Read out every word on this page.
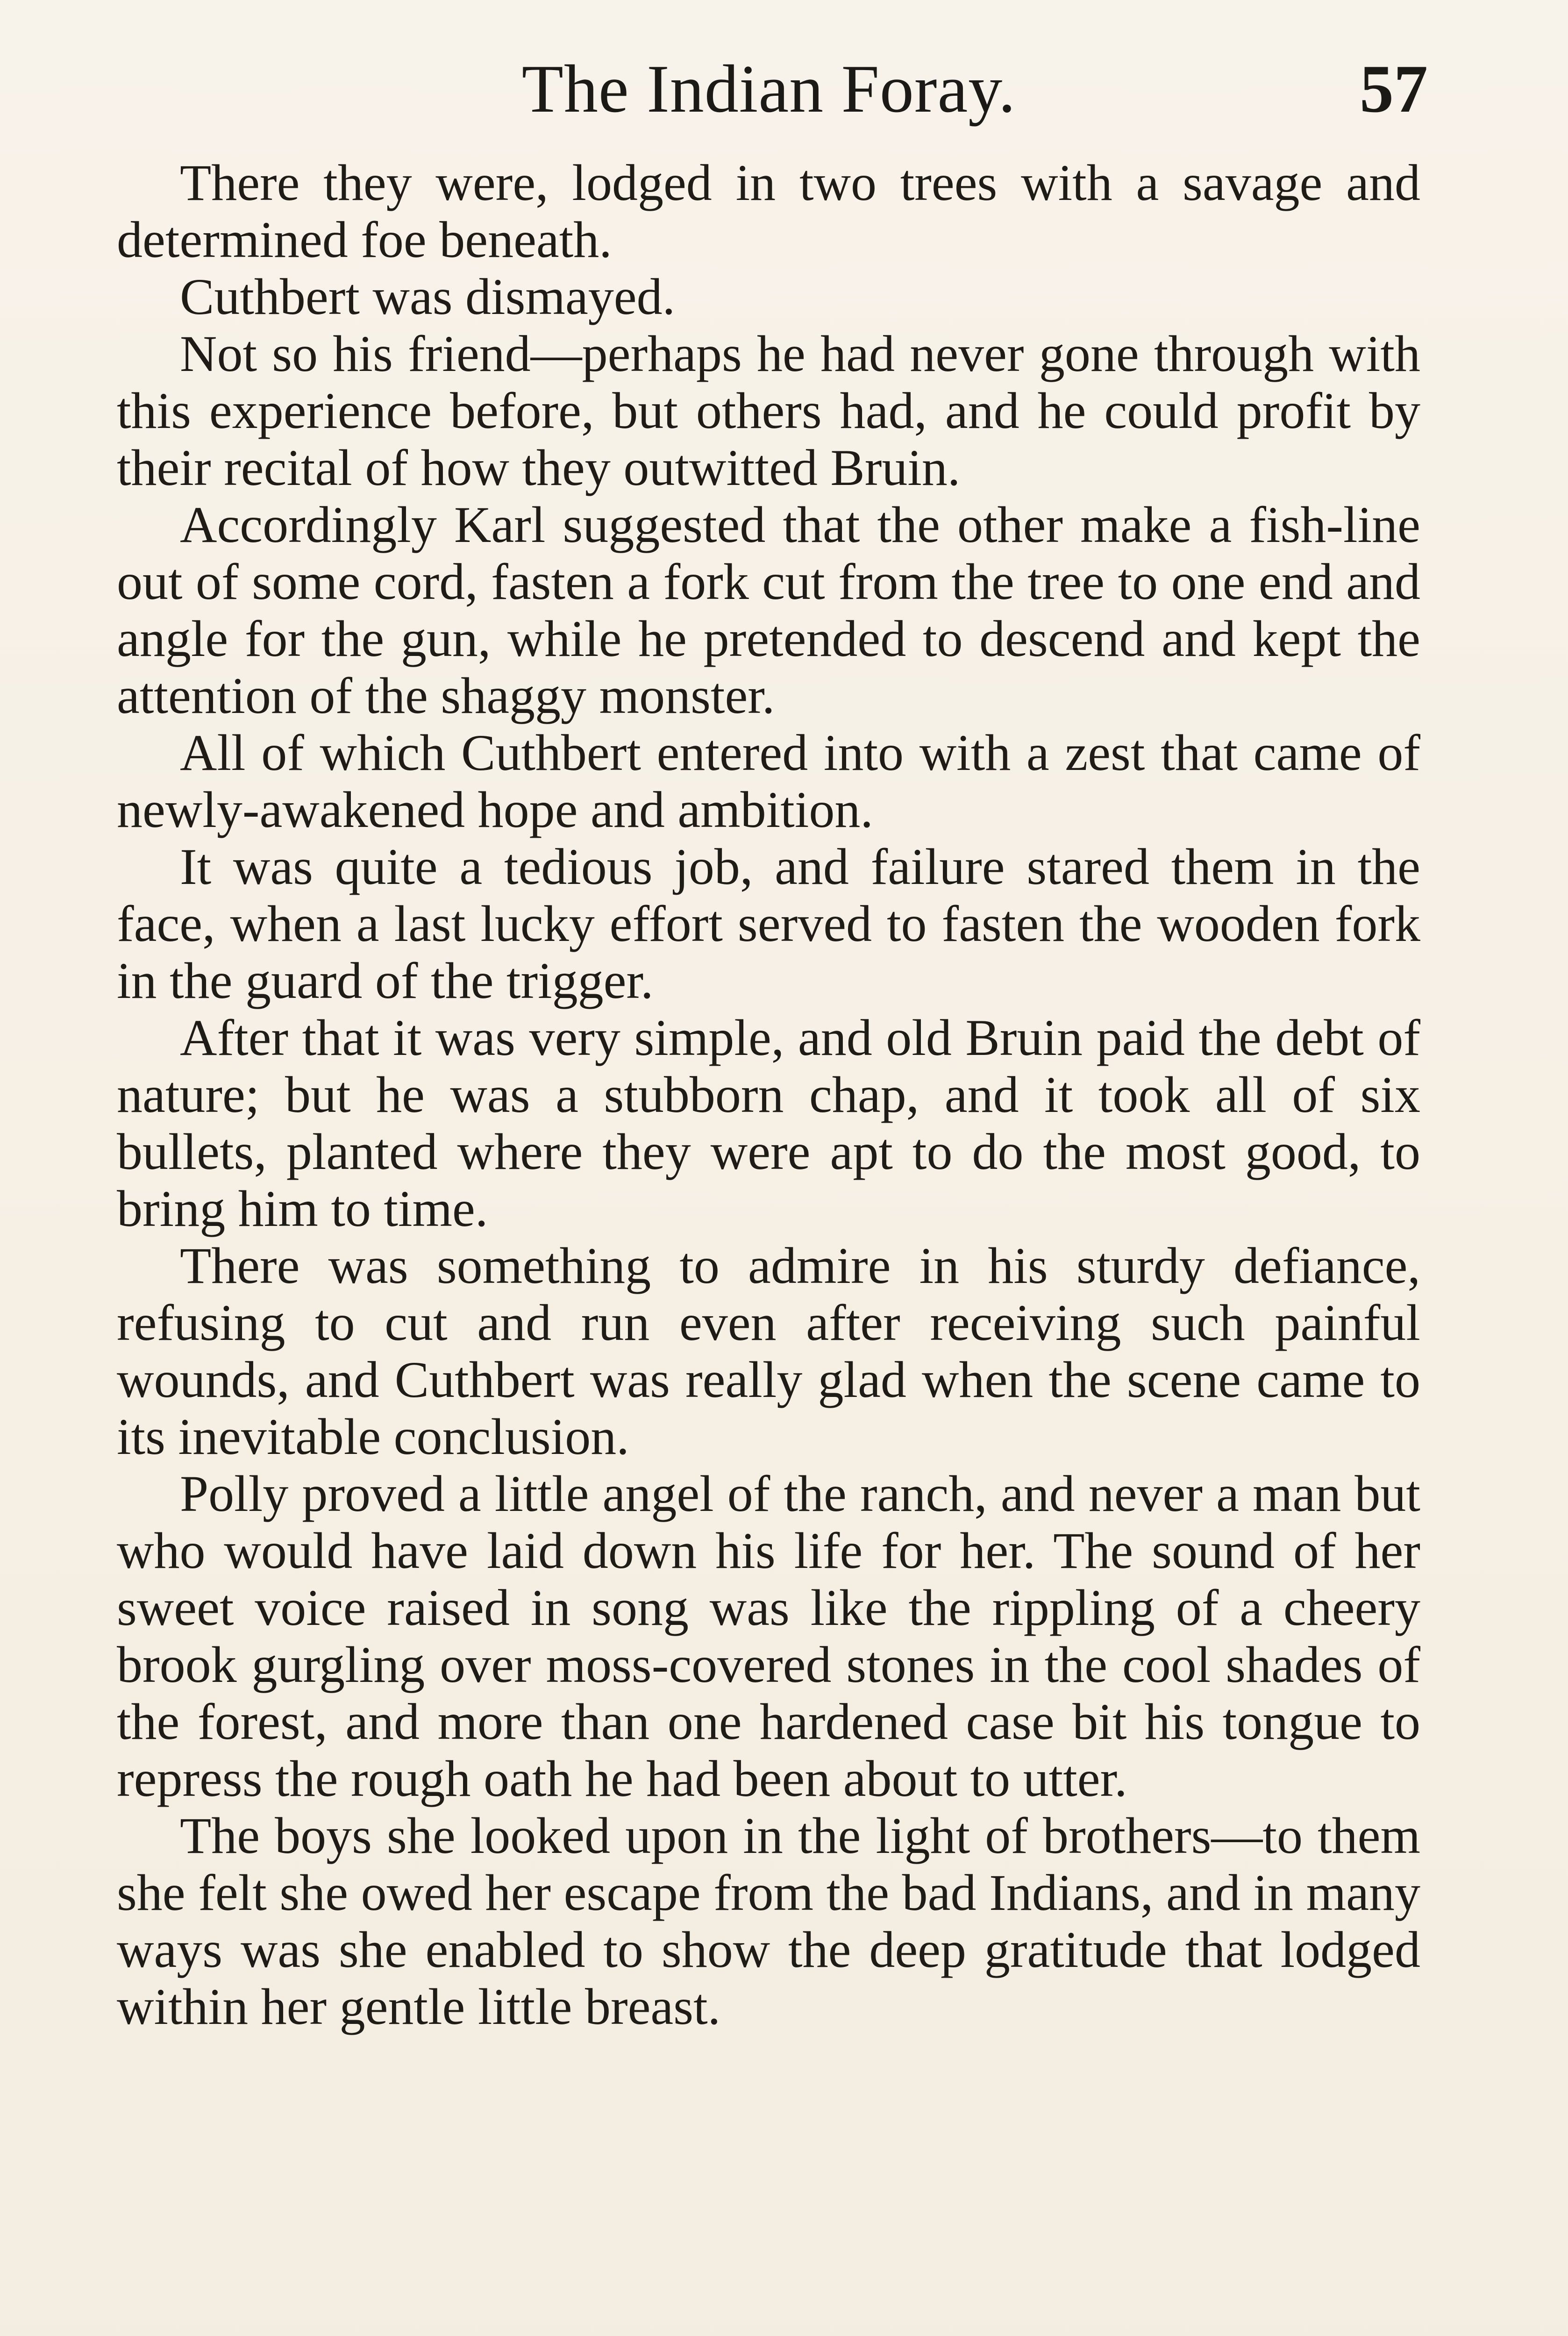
The Indian Foray.	57

There they were, lodged in two trees with a savage and determined foe beneath.

Cuthbert was dismayed.

Not so his friend—perhaps he had never gone through with this experience before, but others had, and he could profit by their recital of how they outwitted Bruin.

Accordingly Karl suggested that the other make a fish-line out of some cord, fasten a fork cut from the tree to one end and angle for the gun, while he pretended to descend and kept the attention of the shaggy monster.

All of which Cuthbert entered into with a zest that came of newly-awakened hope and ambition.

It was quite a tedious job, and failure stared them in the face, when a last lucky effort served to fasten the wooden fork in the guard of the trigger.

After that it was very simple, and old Bruin paid the debt of nature; but he was a stubborn chap, and it took all of six bullets, planted where they were apt to do the most good, to bring him to time.

There was something to admire in his sturdy defiance, refusing to cut and run even after receiving such painful wounds, and Cuthbert was really glad when the scene came to its inevitable conclusion.

Polly proved a little angel of the ranch, and never a man but who would have laid down his life for her. The sound of her sweet voice raised in song was like the rippling of a cheery brook gurgling over moss-covered stones in the cool shades of the forest, and more than one hardened case bit his tongue to repress the rough oath he had been about to utter.

The boys she looked upon in the light of brothers—to them she felt she owed her escape from the bad Indians, and in many ways was she enabled to show the deep gratitude that lodged within her gentle little breast.
